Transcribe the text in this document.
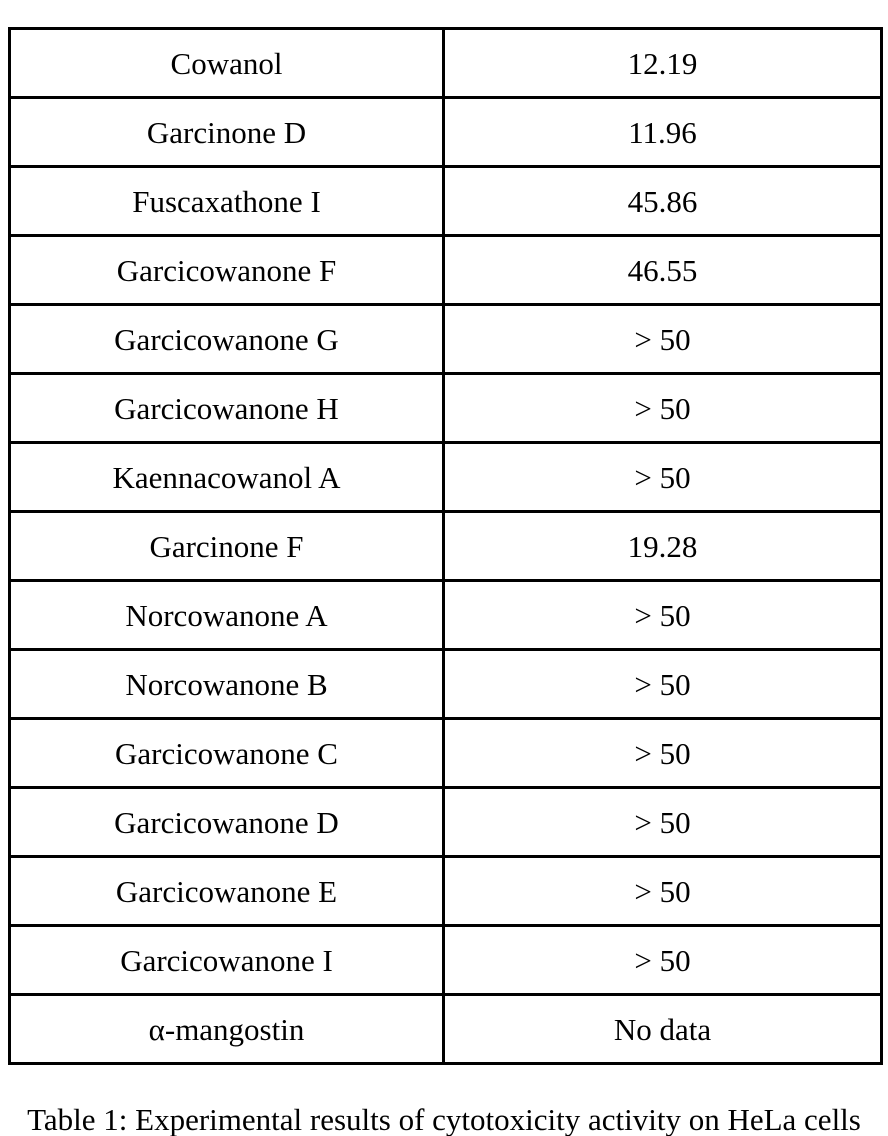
Cowanol	12.19
Garcinone D	11.96
Fuscaxathone I	45.86
Garcicowanone F	46.55
Garcicowanone G	> 50
Garcicowanone H	> 50
Kaennacowanol A	> 50
Garcinone F	19.28
Norcowanone A	> 50
Norcowanone B	> 50
Garcicowanone C	> 50
Garcicowanone D	> 50
Garcicowanone E	> 50
Garcicowanone I	> 50
α-mangostin	No data
Table 1: Experimental results of cytotoxicity activity on HeLa cells
